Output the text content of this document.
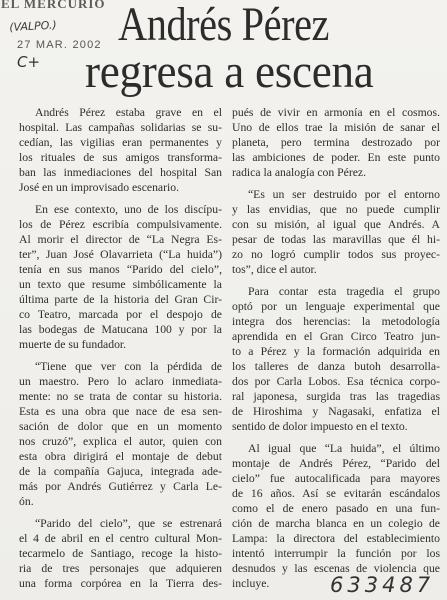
EL MERCURIO
(VALPO.)
27 MAR. 2002
C+
Andrés Pérez
regresa a escena
Andrés Pérez estaba grave en el
hospital. Las campañas solidarias se su-
cedían, las vigilias eran permanentes y
los rituales de sus amigos transforma-
ban las inmediaciones del hospital San
José en un improvisado escenario.
En ese contexto, uno de los discípu-
los de Pérez escribía compulsivamente.
Al morir el director de “La Negra Es-
ter”, Juan José Olavarrieta (“La huida”)
tenía en sus manos “Parido del cielo”,
un texto que resume simbólicamente la
última parte de la historia del Gran Cir-
co Teatro, marcada por el despojo de
las bodegas de Matucana 100 y por la
muerte de su fundador.
“Tiene que ver con la pérdida de
un maestro. Pero lo aclaro inmediata-
mente: no se trata de contar su historia.
Esta es una obra que nace de esa sen-
sación de dolor que en un momento
nos cruzó”, explica el autor, quien con
esta obra dirigirá el montaje de debut
de la compañía Gajuca, integrada ade-
más por Andrés Gutiérrez y Carla Le-
ón.
“Parido del cielo”, que se estrenará
el 4 de abril en el centro cultural Mon-
tecarmelo de Santiago, recoge la histo-
ria de tres personajes que adquieren
una forma corpórea en la Tierra des-
pués de vivir en armonía en el cosmos.
Uno de ellos trae la misión de sanar el
planeta, pero termina destrozado por
las ambiciones de poder. En este punto
radica la analogía con Pérez.
“Es un ser destruido por el entorno
y las envidias, que no puede cumplir
con su misión, al igual que Andrés. A
pesar de todas las maravillas que él hi-
zo no logró cumplir todos sus proyec-
tos”, dice el autor.
Para contar esta tragedia el grupo
optó por un lenguaje experimental que
integra dos herencias: la metodología
aprendida en el Gran Circo Teatro jun-
to a Pérez y la formación adquirida en
los talleres de danza butoh desarrolla-
dos por Carla Lobos. Esa técnica corpo-
ral japonesa, surgida tras las tragedias
de Hiroshima y Nagasaki, enfatiza el
sentido de dolor impuesto en el texto.
Al igual que “La huida”, el último
montaje de Andrés Pérez, “Parido del
cielo” fue autocalificada para mayores
de 16 años. Así se evitarán escándalos
como el de enero pasado en una fun-
ción de marcha blanca en un colegio de
Lampa: la directora del establecimiento
intentó interrumpir la función por los
desnudos y las escenas de violencia que
incluye.	633487
